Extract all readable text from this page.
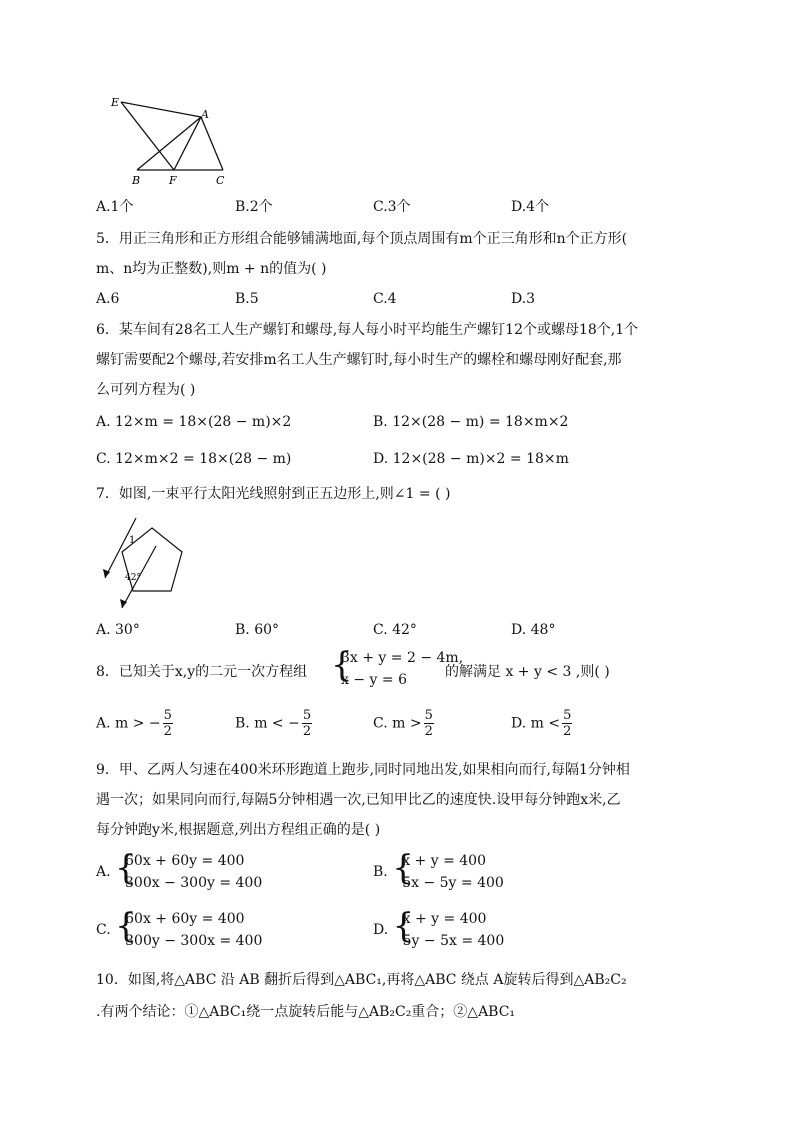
E
A
B	F	C
A.1个	B.2个	C.3个	D.4个
5．用正三角形和正方形组合能够铺满地面,每个顶点周围有m个正三角形和n个正方形(
m、n均为正整数),则m + n的值为( )
A.6	B.5	C.4	D.3
6．某车间有28名工人生产螺钉和螺母,每人每小时平均能生产螺钉12个或螺母18个,1个
螺钉需要配2个螺母,若安排m名工人生产螺钉时,每小时生产的螺栓和螺母刚好配套,那
么可列方程为( )
A. 12×m = 18×(28 − m)×2	B. 12×(28 − m) = 18×m×2
C. 12×m×2 = 18×(28 − m)	D. 12×(28 − m)×2 = 18×m
7．如图,一束平行太阳光线照射到正五边形上,则∠1 = ( )
1
42°
A. 30°	B. 60°	C. 42°	D. 48°
8．已知关于x,y的二元一次方程组 {
3x + y = 2 − 4m,
x − y = 6	的解满足 x + y < 3 ,则( )
A. m > − $\frac{5}{2}$	B. m < − $\frac{5}{2}$	C. $m > \frac{5}{2}$	D. $m < \frac{5}{2}$
9．甲、乙两人匀速在400米环形跑道上跑步,同时同地出发,如果相向而行,每隔1分钟相
遇一次；如果同向而行,每隔5分钟相遇一次,已知甲比乙的速度快.设甲每分钟跑x米,乙
每分钟跑y米,根据题意,列出方程组正确的是( )
A. {
60x + 60y = 400
300x − 300y = 400
B. {
x + y = 400
5x − 5y = 400
C. {
60x + 60y = 400
300y − 300x = 400
D. {
x + y = 400
5y − 5x = 400
10．如图,将△ABC 沿 AB 翻折后得到△ABC₁,再将△ABC 绕点 A旋转后得到△AB₂C₂
.有两个结论：①△ABC₁绕一点旋转后能与△AB₂C₂重合；②△ABC₁
